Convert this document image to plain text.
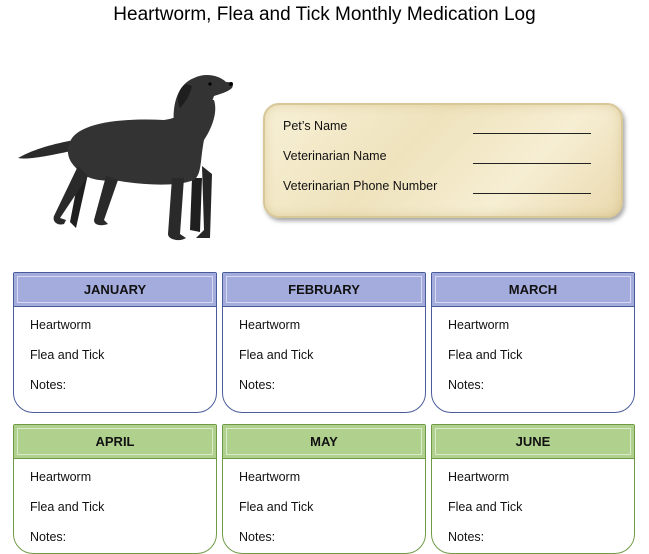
Heartworm, Flea and Tick Monthly Medication Log
Pet’s Name
Veterinarian Name
Veterinarian Phone Number
JANUARY
Heartworm
Flea and Tick
Notes:
FEBRUARY
Heartworm
Flea and Tick
Notes:
MARCH
Heartworm
Flea and Tick
Notes:
APRIL
Heartworm
Flea and Tick
Notes:
MAY
Heartworm
Flea and Tick
Notes:
JUNE
Heartworm
Flea and Tick
Notes:
